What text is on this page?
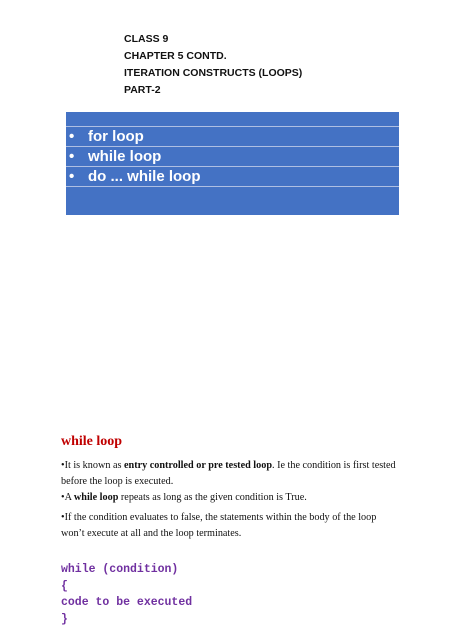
CLASS 9
CHAPTER 5 CONTD.
ITERATION CONSTRUCTS (LOOPS)
PART-2
• for loop
• while loop
• do ... while loop
while loop
•It is known as entry controlled or pre tested loop. Ie the condition is first tested before the loop is executed.
•A while loop repeats as long as the given condition is True.
•If the condition evaluates to false, the statements within the body of the loop won’t execute at all and the loop terminates.
while (condition)
{
code to be executed
}
